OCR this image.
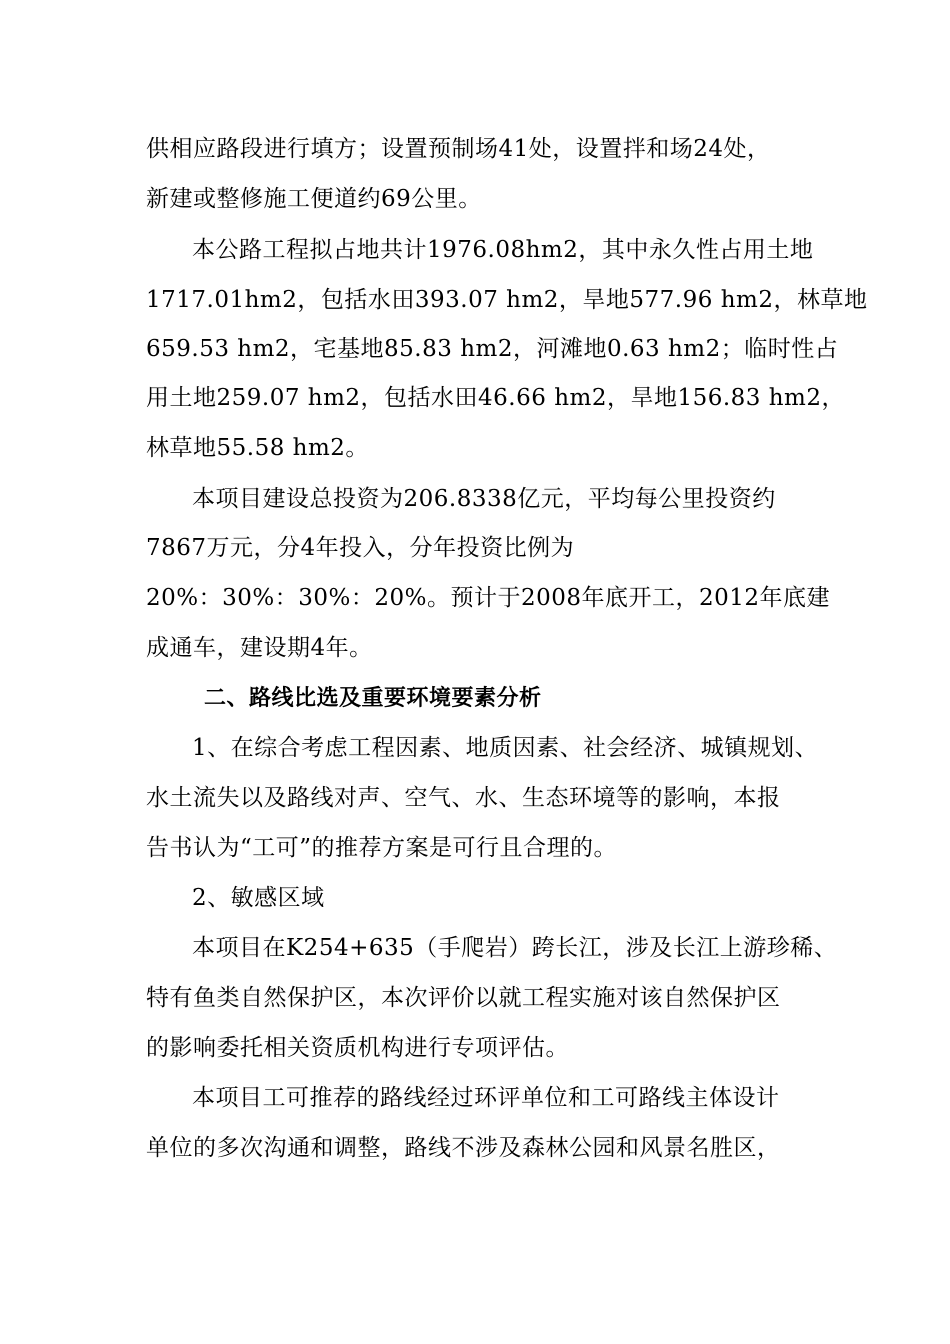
供相应路段进行填方；设置预制场41处，设置拌和场24处，
新建或整修施工便道约69公里。
本公路工程拟占地共计1976.08hm2，其中永久性占用土地
1717.01hm2，包括水田393.07 hm2，旱地577.96 hm2，林草地
659.53 hm2，宅基地85.83 hm2，河滩地0.63 hm2；临时性占
用土地259.07 hm2，包括水田46.66 hm2，旱地156.83 hm2，
林草地55.58 hm2。
本项目建设总投资为206.8338亿元，平均每公里投资约
7867万元，分4年投入，分年投资比例为
20%：30%：30%：20%。预计于2008年底开工，2012年底建
成通车，建设期4年。
二、路线比选及重要环境要素分析
1、在综合考虑工程因素、地质因素、社会经济、城镇规划、
水土流失以及路线对声、空气、水、生态环境等的影响，本报
告书认为“工可”的推荐方案是可行且合理的。
2、敏感区域
本项目在K254+635（手爬岩）跨长江，涉及长江上游珍稀、
特有鱼类自然保护区，本次评价以就工程实施对该自然保护区
的影响委托相关资质机构进行专项评估。
本项目工可推荐的路线经过环评单位和工可路线主体设计
单位的多次沟通和调整，路线不涉及森林公园和风景名胜区，
